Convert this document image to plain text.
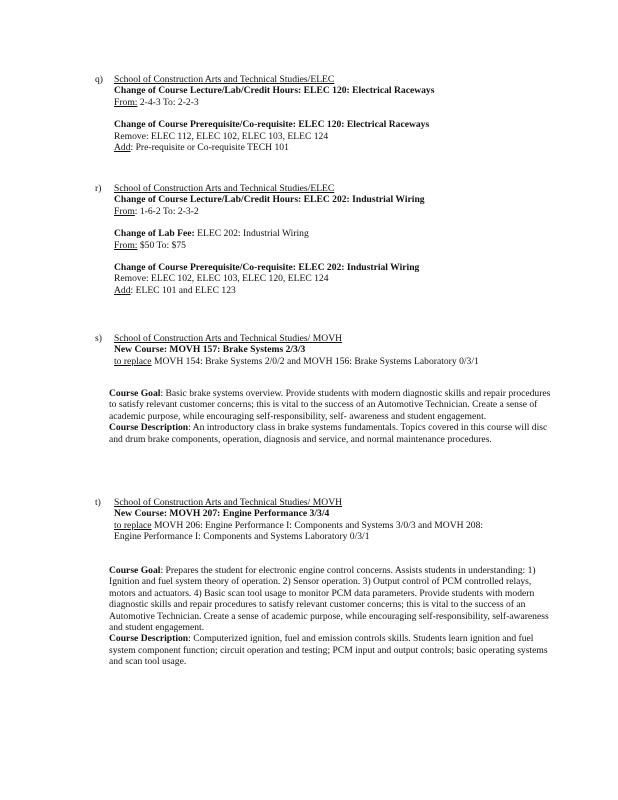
q)	School of Construction Arts and Technical Studies/ELEC
Change of Course Lecture/Lab/Credit Hours: ELEC 120: Electrical Raceways
From: 2-4-3 To: 2-2-3
Change of Course Prerequisite/Co-requisite: ELEC 120: Electrical Raceways
Remove: ELEC 112, ELEC 102, ELEC 103, ELEC 124
Add: Pre-requisite or Co-requisite TECH 101
r)	School of Construction Arts and Technical Studies/ELEC
Change of Course Lecture/Lab/Credit Hours: ELEC 202: Industrial Wiring
From: 1-6-2 To: 2-3-2
Change of Lab Fee: ELEC 202: Industrial Wiring
From: $50 To: $75
Change of Course Prerequisite/Co-requisite: ELEC 202: Industrial Wiring
Remove: ELEC 102, ELEC 103, ELEC 120, ELEC 124
Add: ELEC 101 and ELEC 123
s)	School of Construction Arts and Technical Studies/ MOVH
New Course: MOVH 157: Brake Systems 2/3/3
to replace MOVH 154: Brake Systems 2/0/2 and MOVH 156: Brake Systems Laboratory 0/3/1
Course Goal: Basic brake systems overview. Provide students with modern diagnostic skills and repair procedures to satisfy relevant customer concerns; this is vital to the success of an Automotive Technician. Create a sense of academic purpose, while encouraging self-responsibility, self- awareness and student engagement.
Course Description: An introductory class in brake systems fundamentals. Topics covered in this course will disc and drum brake components, operation, diagnosis and service, and normal maintenance procedures.
t)	School of Construction Arts and Technical Studies/ MOVH
New Course: MOVH 207: Engine Performance 3/3/4
to replace MOVH 206: Engine Performance I: Components and Systems 3/0/3 and MOVH 208:
Engine Performance I: Components and Systems Laboratory 0/3/1
Course Goal: Prepares the student for electronic engine control concerns. Assists students in understanding: 1) Ignition and fuel system theory of operation. 2) Sensor operation. 3) Output control of PCM controlled relays, motors and actuators. 4) Basic scan tool usage to monitor PCM data parameters. Provide students with modern diagnostic skills and repair procedures to satisfy relevant customer concerns; this is vital to the success of an Automotive Technician. Create a sense of academic purpose, while encouraging self-responsibility, self-awareness and student engagement.
Course Description: Computerized ignition, fuel and emission controls skills. Students learn ignition and fuel system component function; circuit operation and testing; PCM input and output controls; basic operating systems and scan tool usage.
